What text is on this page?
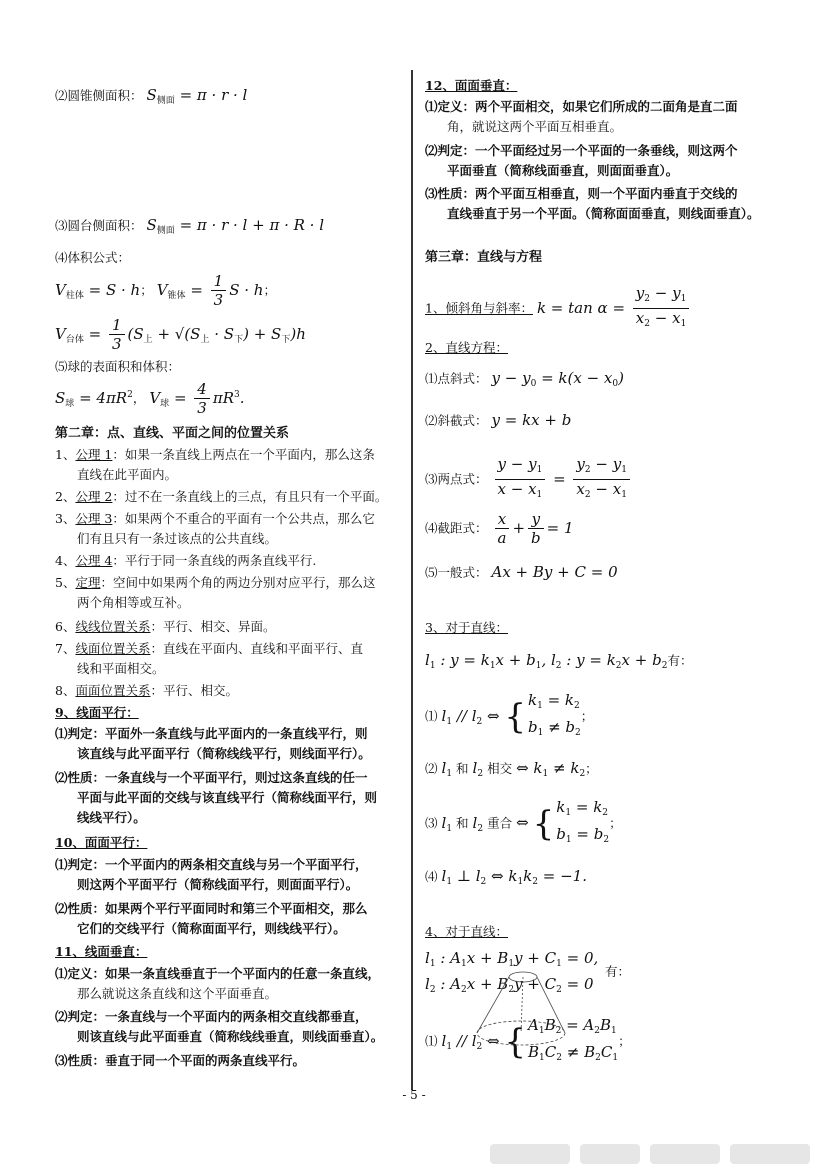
⑵圆锥侧面积： $S_{侧面} = \pi \cdot r \cdot l$
⑶圆台侧面积： $S_{侧面} = \pi \cdot r \cdot l + \pi \cdot R \cdot l$
⑷体积公式：
$V_{柱体} = S \cdot h$； $V_{锥体} = \frac{1}{3}$ S · h；
$V_{台体} = \frac{1}{3} (S_上 + √(S_上 \cdot S_下) + S_下)h$
⑸球的表面积和体积：
$S_球 = 4\pi R^2$， $V_球 = \frac{4}{3} \pi R^3$.
第二章：点、直线、平面之间的位置关系
1、公理 1：如果一条直线上两点在一个平面内，那么这条
直线在此平面内。
2、公理 2：过不在一条直线上的三点，有且只有一个平面。
3、公理 3：如果两个不重合的平面有一个公共点，那么它
们有且只有一条过该点的公共直线。
4、公理 4：平行于同一条直线的两条直线平行.
5、定理：空间中如果两个角的两边分别对应平行，那么这
两个角相等或互补。
6、线线位置关系：平行、相交、异面。
7、线面位置关系：直线在平面内、直线和平面平行、直
线和平面相交。
8、面面位置关系：平行、相交。
9、线面平行：
⑴判定：平面外一条直线与此平面内的一条直线平行，则
该直线与此平面平行（简称线线平行，则线面平行）。
⑵性质：一条直线与一个平面平行，则过这条直线的任一
平面与此平面的交线与该直线平行（简称线面平行，则
线线平行）。
10、面面平行：
⑴判定：一个平面内的两条相交直线与另一个平面平行，
则这两个平面平行（简称线面平行，则面面平行）。
⑵性质：如果两个平行平面同时和第三个平面相交，那么
它们的交线平行（简称面面平行，则线线平行）。
11、线面垂直：
⑴定义：如果一条直线垂直于一个平面内的任意一条直线，
那么就说这条直线和这个平面垂直。
⑵判定：一条直线与一个平面内的两条相交直线都垂直，
则该直线与此平面垂直（简称线线垂直，则线面垂直）。
⑶性质：垂直于同一个平面的两条直线平行。
12、面面垂直：
⑴定义：两个平面相交，如果它们所成的二面角是直二面
角，就说这两个平面互相垂直。
⑵判定：一个平面经过另一个平面的一条垂线，则这两个
平面垂直（简称线面垂直，则面面垂直）。
⑶性质：两个平面互相垂直，则一个平面内垂直于交线的
直线垂直于另一个平面。（简称面面垂直，则线面垂直）。
第三章：直线与方程
1、倾斜角与斜率： $k = \tan \alpha = \frac{y_2 - y_1}{x_2 - x_1}$
2、直线方程：
⑴点斜式： $y - y_0 = k(x - x_0)$
⑵斜截式： y = kx + b
⑶两点式： $\frac{y - y_1}{x - x_1} = \frac{y_2 - y_1}{x_2 - x_1}$
⑷截距式： $\frac{x}{a} + \frac{y}{b} = 1$
⑸一般式： Ax + By + C = 0
3、对于直线：
$l_1$ : $y = k_1x + b_1$, $l_2$ : $y = k_2x + b_2$有：
⑴ $l_1 // l_2$ ⇔ { $k_1 = k_2$
$b_1 \ne b_2$；
⑵ $l_1$ 和 $l_2$ 相交 ⇔ $k_1 \ne k_2$；
⑶ $l_1$ 和 $l_2$ 重合 ⇔ { $k_1 = k_2$
$b_1 = b_2$；
⑷ $l_1$ ⊥ $l_2$ ⇔ $k_1k_2 = -1$.
4、对于直线：
$l_1$ : $A_1x + B_1y + C_1 = 0$,
$l_2$ : $A_2x + B_2y + C_2 = 0$
有：
⑴ $l_1 // l_2$ ⇔ { $A_1B_2 = A_2B_1$
$B_1C_2 \ne B_2C_1$；
- 5 -
